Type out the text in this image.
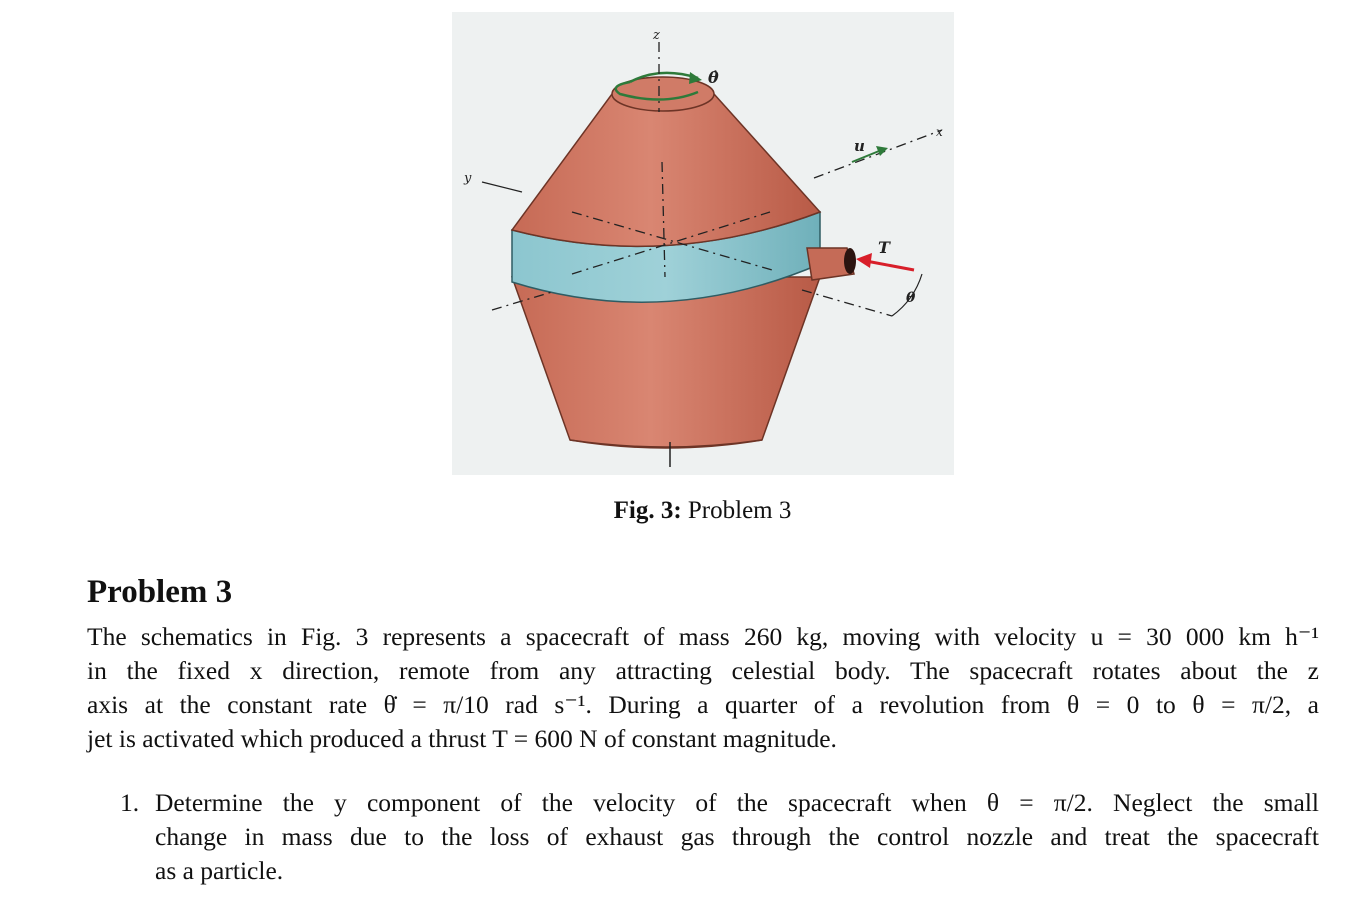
z
θ̇
y
u
x
T
θ
Fig. 3: Problem 3
Problem 3
The schematics in Fig. 3 represents a spacecraft of mass 260 kg, moving with velocity u = 30 000 km h⁻¹
in the fixed x direction, remote from any attracting celestial body. The spacecraft rotates about the z
axis at the constant rate θ̇ = π/10 rad s⁻¹. During a quarter of a revolution from θ = 0 to θ = π/2, a
jet is activated which produced a thrust T = 600 N of constant magnitude.
1. Determine the y component of the velocity of the spacecraft when θ = π/2. Neglect the small
change in mass due to the loss of exhaust gas through the control nozzle and treat the spacecraft
as a particle.
